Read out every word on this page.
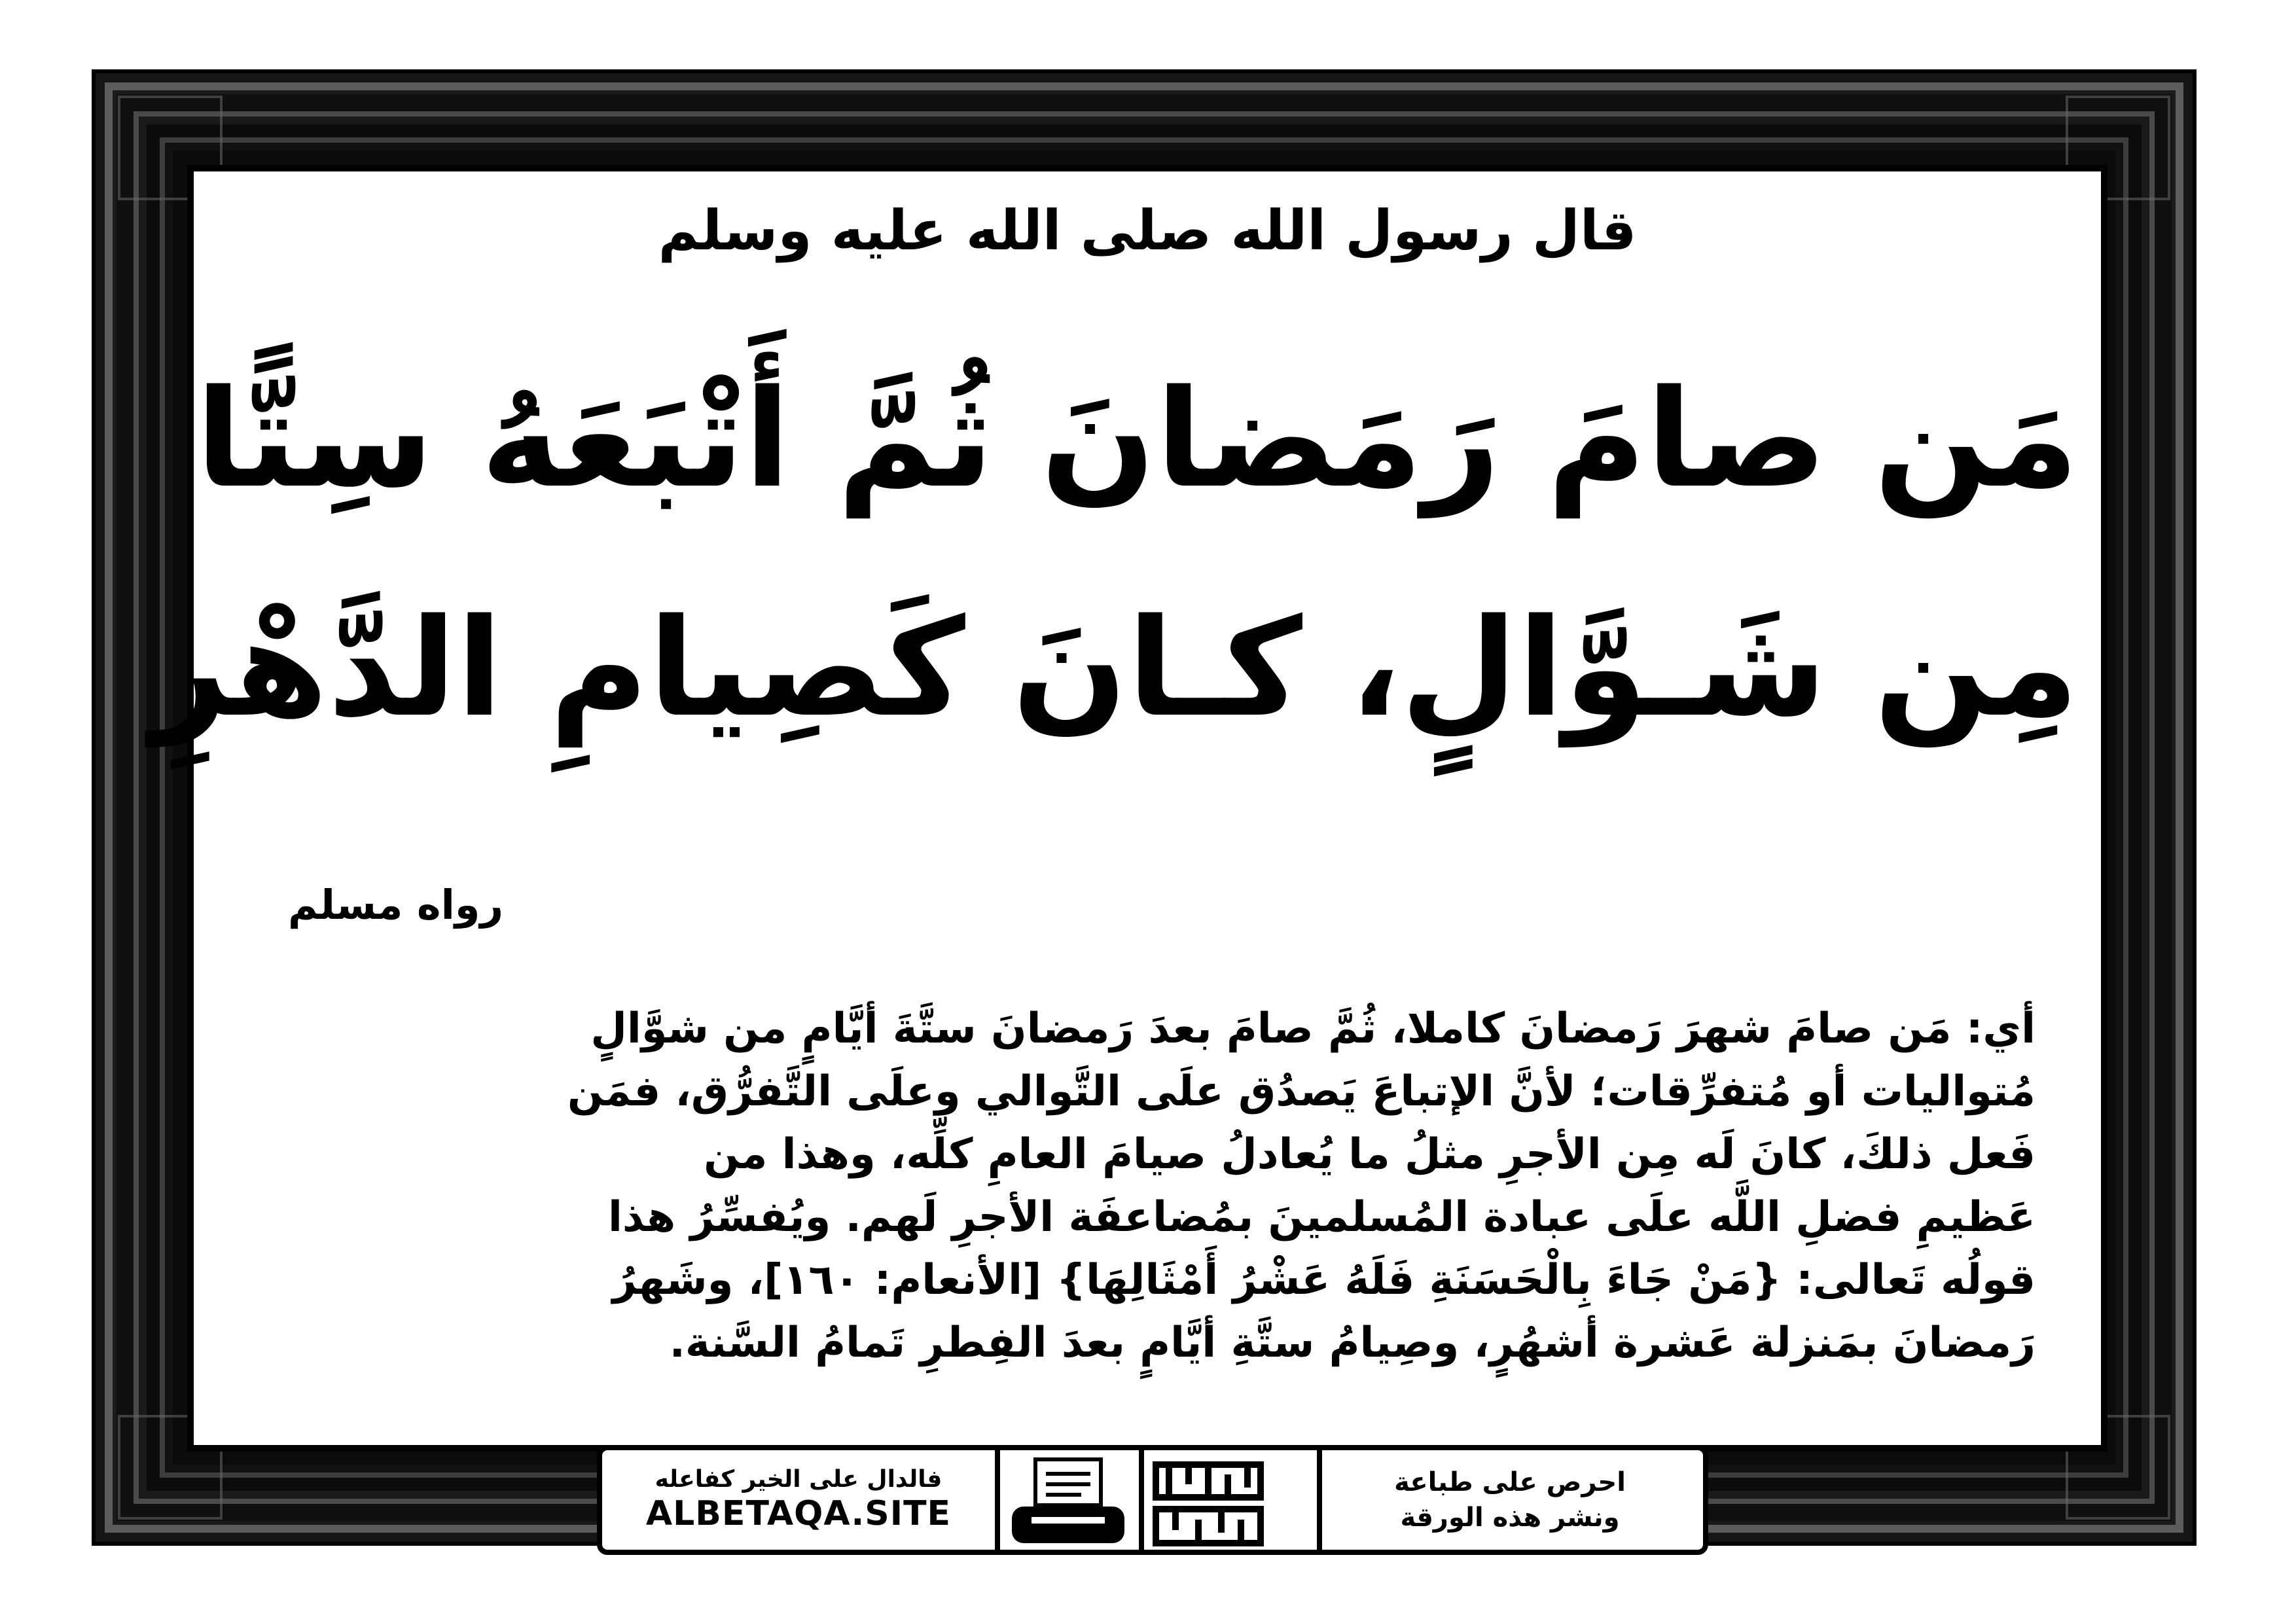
قال رسول الله صلى الله عليه وسلم
مَن صامَ رَمَضانَ ثُمَّ أَتْبَعَهُ سِتًّا
مِن شَـوَّالٍ، كـانَ كَصِيامِ الدَّهْرِ
رواه مسلم
أي: مَن صامَ شهرَ رَمضانَ كاملا، ثُمَّ صامَ بعدَ رَمضانَ ستَّةَ أيَّامٍ من شوَّالٍ
مُتواليات أو مُتفرِّقات؛ لأنَّ الإتباعَ يَصدُق علَى التَّوالي وعلَى التَّفرُّق، فمَن
فَعل ذلكَ، كانَ لَه مِن الأجرِ مثلُ ما يُعادلُ صيامَ العامِ كلِّه، وهذا من
عَظيمِ فضلِ اللَّه علَى عبادة المُسلمينَ بمُضاعفَة الأجرِ لَهم. ويُفسِّرُ هذا
قولُه تَعالى: {مَنْ جَاءَ بِالْحَسَنَةِ فَلَهُ عَشْرُ أَمْثَالِهَا} [الأنعام: ١٦٠]، وشَهرُ
رَمضانَ بمَنزلة عَشرة أشهُرٍ، وصِيامُ ستَّةِ أيَّامٍ بعدَ الفِطرِ تَمامُ السَّنة.
فالدال على الخير كفاعله
ALBETAQA.SITE
احرص على طباعة
ونشر هذه الورقة
